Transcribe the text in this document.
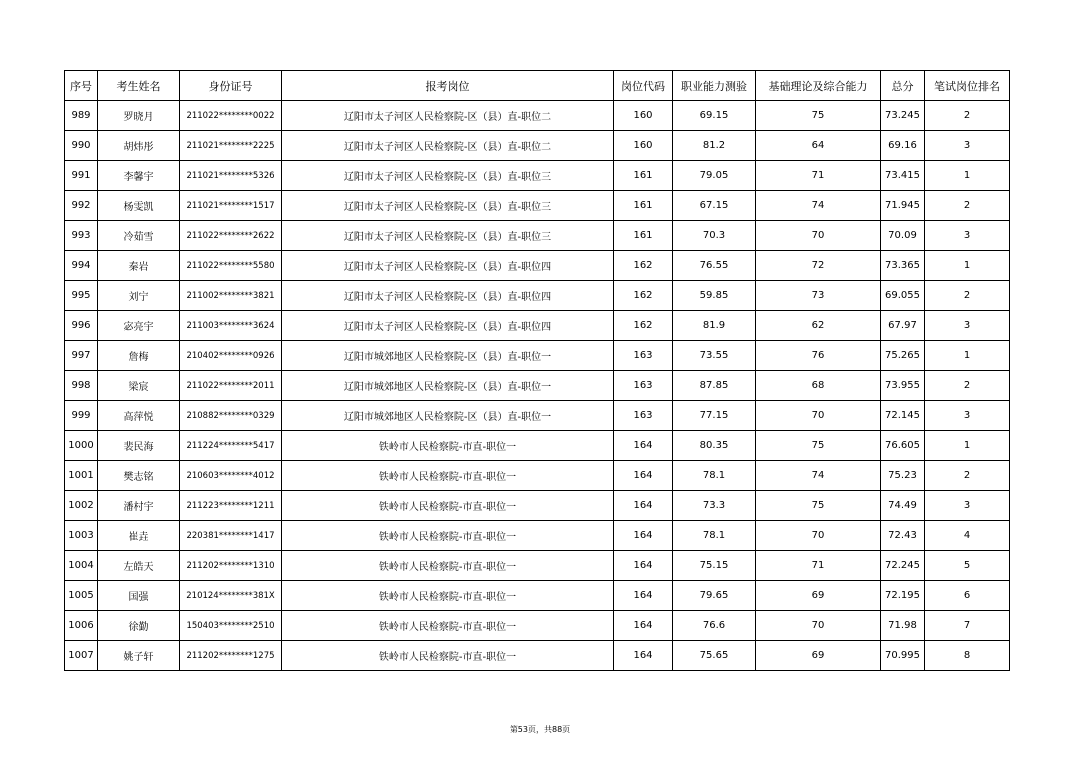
序号	考生姓名	身份证号	报考岗位	岗位代码	职业能力测验	基础理论及综合能力	总分	笔试岗位排名
989	罗晓月	211022********0022	辽阳市太子河区人民检察院-区（县）直-职位二	160	69.15	75	73.245	2
990	胡炜彤	211021********2225	辽阳市太子河区人民检察院-区（县）直-职位二	160	81.2	64	69.16	3
991	李馨宇	211021********5326	辽阳市太子河区人民检察院-区（县）直-职位三	161	79.05	71	73.415	1
992	杨雯凯	211021********1517	辽阳市太子河区人民检察院-区（县）直-职位三	161	67.15	74	71.945	2
993	冷茹雪	211022********2622	辽阳市太子河区人民检察院-区（县）直-职位三	161	70.3	70	70.09	3
994	秦岩	211022********5580	辽阳市太子河区人民检察院-区（县）直-职位四	162	76.55	72	73.365	1
995	刘宁	211002********3821	辽阳市太子河区人民检察院-区（县）直-职位四	162	59.85	73	69.055	2
996	宓亮宇	211003********3624	辽阳市太子河区人民检察院-区（县）直-职位四	162	81.9	62	67.97	3
997	詹梅	210402********0926	辽阳市城郊地区人民检察院-区（县）直-职位一	163	73.55	76	75.265	1
998	梁宸	211022********2011	辽阳市城郊地区人民检察院-区（县）直-职位一	163	87.85	68	73.955	2
999	高萍悦	210882********0329	辽阳市城郊地区人民检察院-区（县）直-职位一	163	77.15	70	72.145	3
1000	裴民海	211224********5417	铁岭市人民检察院-市直-职位一	164	80.35	75	76.605	1
1001	樊志铭	210603********4012	铁岭市人民检察院-市直-职位一	164	78.1	74	75.23	2
1002	潘村宇	211223********1211	铁岭市人民检察院-市直-职位一	164	73.3	75	74.49	3
1003	崔垚	220381********1417	铁岭市人民检察院-市直-职位一	164	78.1	70	72.43	4
1004	左皓天	211202********1310	铁岭市人民检察院-市直-职位一	164	75.15	71	72.245	5
1005	国强	210124********381X	铁岭市人民检察院-市直-职位一	164	79.65	69	72.195	6
1006	徐勤	150403********2510	铁岭市人民检察院-市直-职位一	164	76.6	70	71.98	7
1007	姚子轩	211202********1275	铁岭市人民检察院-市直-职位一	164	75.65	69	70.995	8
第53页，共88页
